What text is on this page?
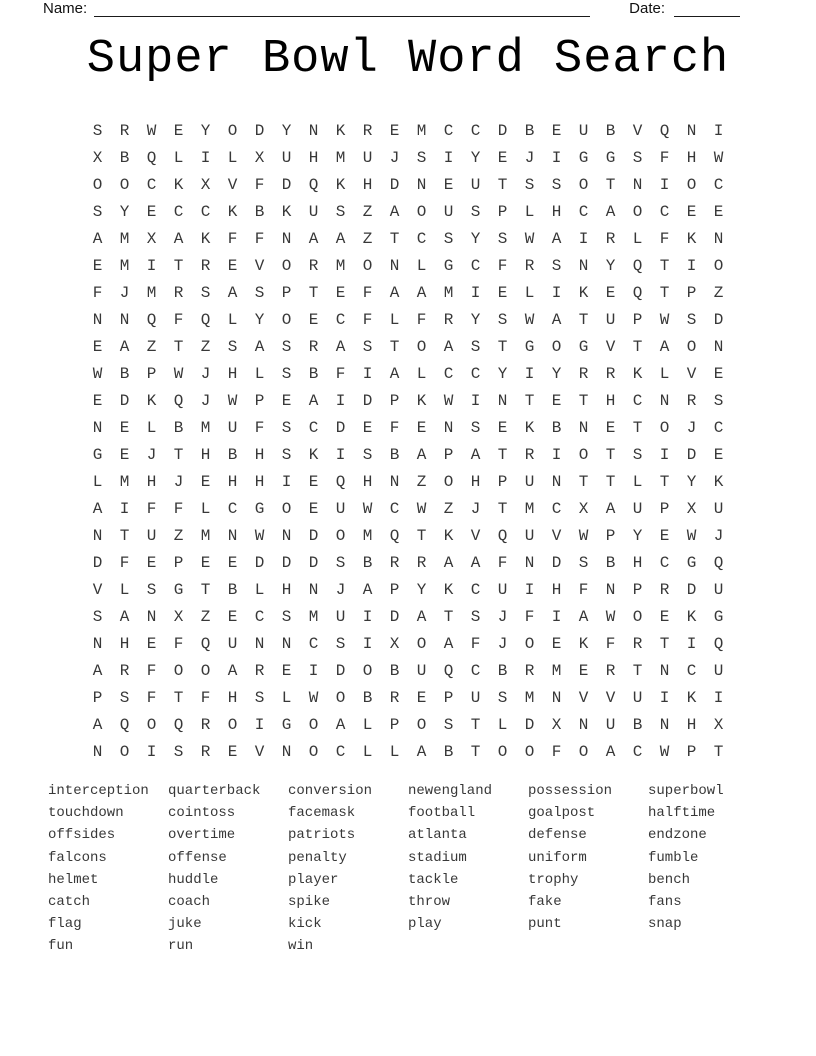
Name:	Date:
Super Bowl Word Search
S	R	W	E	Y	O	D	Y	N	K	R	E	M	C	C	D	B	E	U	B	V	Q	N	I
X	B	Q	L	I	L	X	U	H	M	U	J	S	I	Y	E	J	I	G	G	S	F	H	W
O	O	C	K	X	V	F	D	Q	K	H	D	N	E	U	T	S	S	O	T	N	I	O	C
S	Y	E	C	C	K	B	K	U	S	Z	A	O	U	S	P	L	H	C	A	O	C	E	E
A	M	X	A	K	F	F	N	A	A	Z	T	C	S	Y	S	W	A	I	R	L	F	K	N
E	M	I	T	R	E	V	O	R	M	O	N	L	G	C	F	R	S	N	Y	Q	T	I	O
F	J	M	R	S	A	S	P	T	E	F	A	A	M	I	E	L	I	K	E	Q	T	P	Z
N	N	Q	F	Q	L	Y	O	E	C	F	L	F	R	Y	S	W	A	T	U	P	W	S	D
E	A	Z	T	Z	S	A	S	R	A	S	T	O	A	S	T	G	O	G	V	T	A	O	N
W	B	P	W	J	H	L	S	B	F	I	A	L	C	C	Y	I	Y	R	R	K	L	V	E
E	D	K	Q	J	W	P	E	A	I	D	P	K	W	I	N	T	E	T	H	C	N	R	S
N	E	L	B	M	U	F	S	C	D	E	F	E	N	S	E	K	B	N	E	T	O	J	C
G	E	J	T	H	B	H	S	K	I	S	B	A	P	A	T	R	I	O	T	S	I	D	E
L	M	H	J	E	H	H	I	E	Q	H	N	Z	O	H	P	U	N	T	T	L	T	Y	K
A	I	F	F	L	C	G	O	E	U	W	C	W	Z	J	T	M	C	X	A	U	P	X	U
N	T	U	Z	M	N	W	N	D	O	M	Q	T	K	V	Q	U	V	W	P	Y	E	W	J
D	F	E	P	E	E	D	D	D	S	B	R	R	A	A	F	N	D	S	B	H	C	G	Q
V	L	S	G	T	B	L	H	N	J	A	P	Y	K	C	U	I	H	F	N	P	R	D	U
S	A	N	X	Z	E	C	S	M	U	I	D	A	T	S	J	F	I	A	W	O	E	K	G
N	H	E	F	Q	U	N	N	C	S	I	X	O	A	F	J	O	E	K	F	R	T	I	Q
A	R	F	O	O	A	R	E	I	D	O	B	U	Q	C	B	R	M	E	R	T	N	C	U
P	S	F	T	F	H	S	L	W	O	B	R	E	P	U	S	M	N	V	V	U	I	K	I
A	Q	O	Q	R	O	I	G	O	A	L	P	O	S	T	L	D	X	N	U	B	N	H	X
N	O	I	S	R	E	V	N	O	C	L	L	A	B	T	O	O	F	O	A	C	W	P	T
interception
touchdown
offsides
falcons
helmet
catch
flag
fun
quarterback
cointoss
overtime
offense
huddle
coach
juke
run
conversion
facemask
patriots
penalty
player
spike
kick
win
newengland
football
atlanta
stadium
tackle
throw
play
possession
goalpost
defense
uniform
trophy
fake
punt
superbowl
halftime
endzone
fumble
bench
fans
snap
